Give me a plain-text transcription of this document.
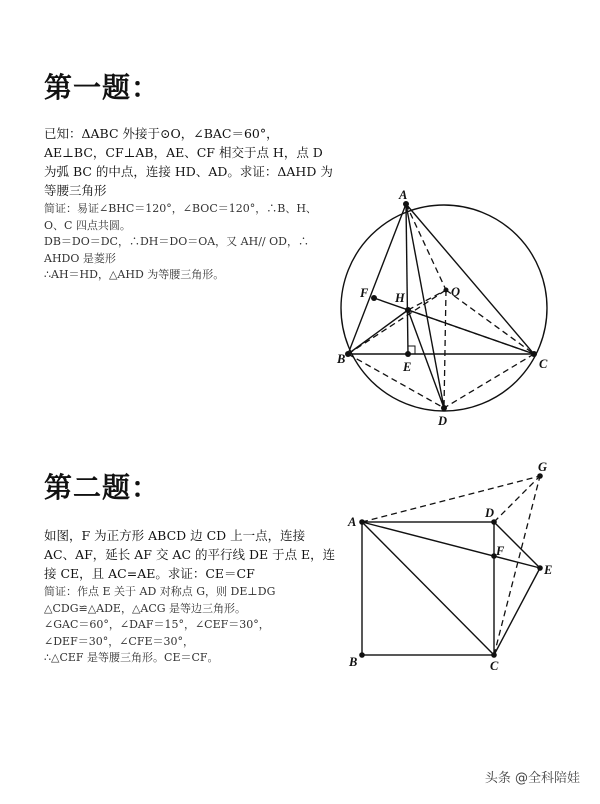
第一题：
已知：ΔABC 外接于⊙O，∠BAC＝60°，AE⊥BC，CF⊥AB，AE、CF 相交于点 H，点 D 为弧 BC 的中点，连接 HD、AD。求证：ΔAHD 为等腰三角形
简证：易证∠BHC＝120°，∠BOC＝120°，∴B、H、
O、C 四点共圆。
DB＝DO＝DC，∴DH＝DO＝OA，又 AH// OD，∴
AHDO 是菱形
∴AH＝HD，△AHD 为等腰三角形。
A
B	C
D
E
F H	O
第二题：
如图，F 为正方形 ABCD 边 CD 上一点，连接 AC、AF，延长 AF 交 AC 的平行线 DE 于点 E，连接 CE，且 AC=AE。求证：CE＝CF
简证：作点 E 关于 AD 对称点 G，则 DE⊥DG
△CDG≌△ADE，△ACG 是等边三角形。
∠GAC＝60°，∠DAF＝15°，∠CEF＝30°，
∠DEF＝30°，∠CFE＝30°，
∴△CEF 是等腰三角形。CE＝CF。
A
B	C
D
E
F
G
头条 @全科陪娃
